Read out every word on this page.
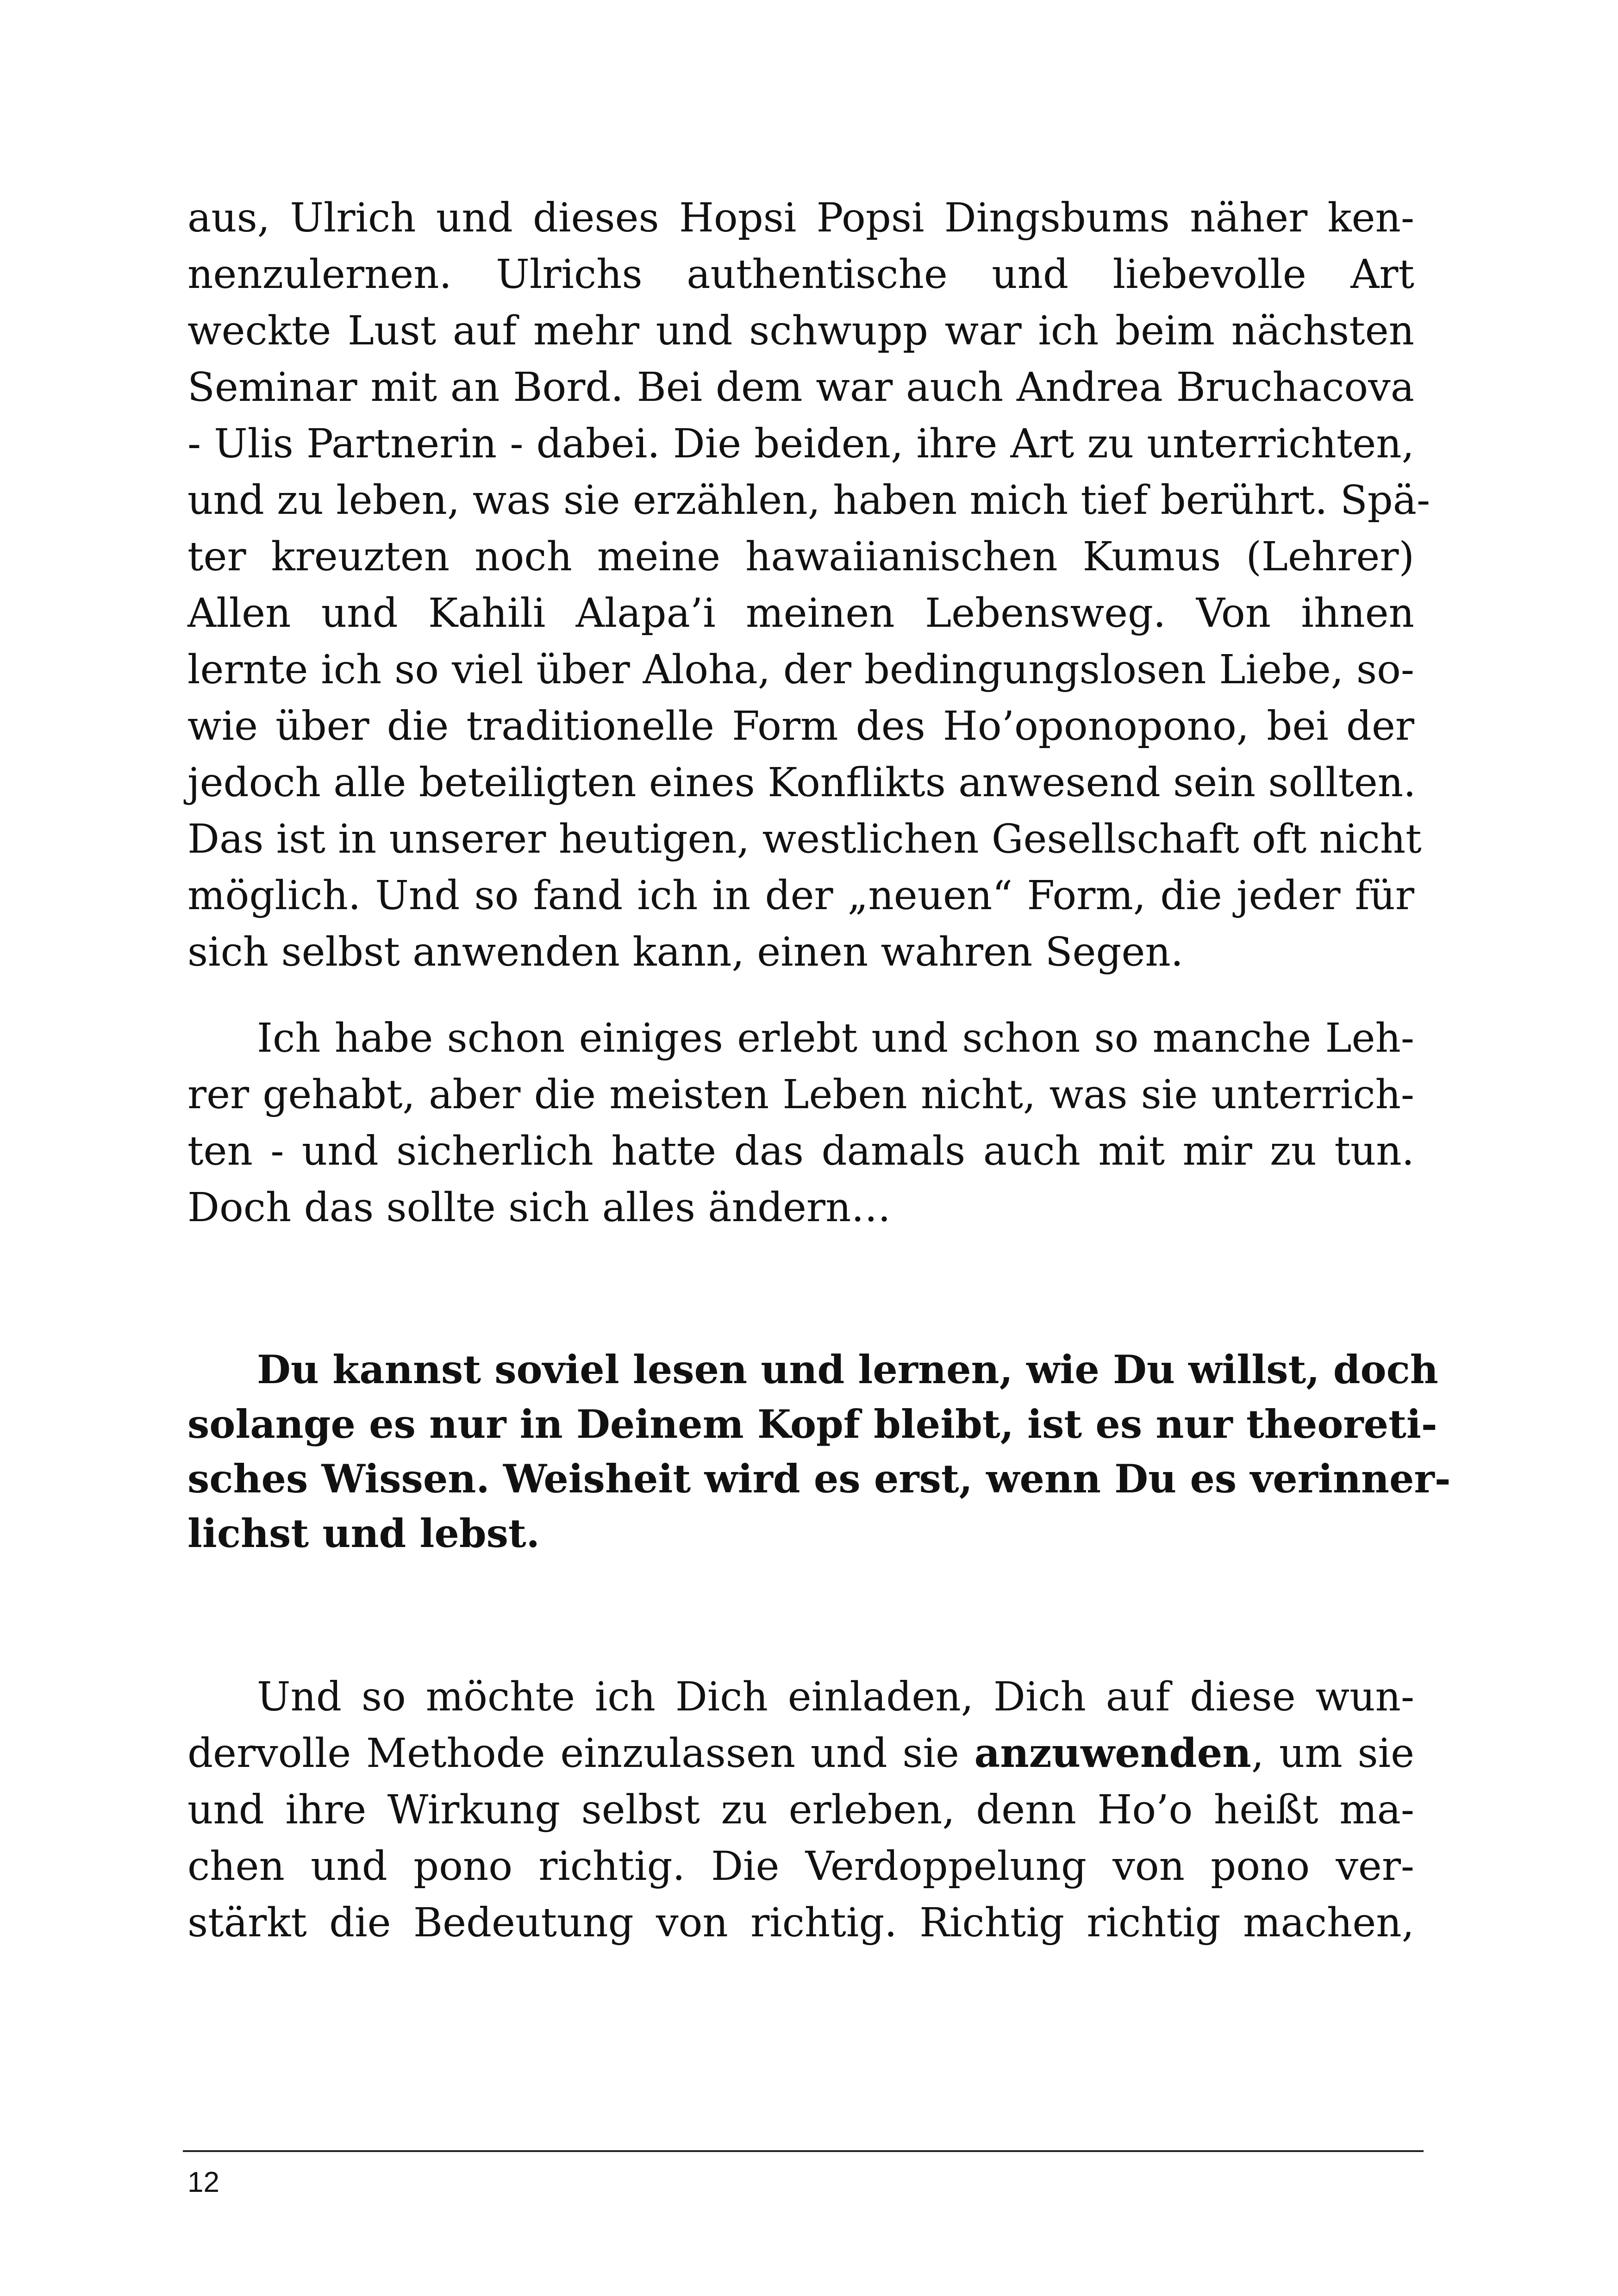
aus, Ulrich und dieses Hopsi Popsi Dingsbums näher ken-
nenzulernen. Ulrichs authentische und liebevolle Art
weckte Lust auf mehr und schwupp war ich beim nächsten
Seminar mit an Bord. Bei dem war auch Andrea Bruchacova
- Ulis Partnerin - dabei. Die beiden, ihre Art zu unterrichten,
und zu leben, was sie erzählen, haben mich tief berührt. Spä-
ter kreuzten noch meine hawaiianischen Kumus (Lehrer)
Allen und Kahili Alapa’i meinen Lebensweg. Von ihnen
lernte ich so viel über Aloha, der bedingungslosen Liebe, so-
wie über die traditionelle Form des Ho’oponopono, bei der
jedoch alle beteiligten eines Konflikts anwesend sein sollten.
Das ist in unserer heutigen, westlichen Gesellschaft oft nicht
möglich. Und so fand ich in der „neuen“ Form, die jeder für
sich selbst anwenden kann, einen wahren Segen.
Ich habe schon einiges erlebt und schon so manche Leh-
rer gehabt, aber die meisten Leben nicht, was sie unterrich-
ten - und sicherlich hatte das damals auch mit mir zu tun.
Doch das sollte sich alles ändern…
Du kannst soviel lesen und lernen, wie Du willst, doch
solange es nur in Deinem Kopf bleibt, ist es nur theoreti-
sches Wissen. Weisheit wird es erst, wenn Du es verinner-
lichst und lebst.
Und so möchte ich Dich einladen, Dich auf diese wun-
dervolle Methode einzulassen und sie anzuwenden, um sie
und ihre Wirkung selbst zu erleben, denn Ho’o heißt ma-
chen und pono richtig. Die Verdoppelung von pono ver-
stärkt die Bedeutung von richtig. Richtig richtig machen,
12
